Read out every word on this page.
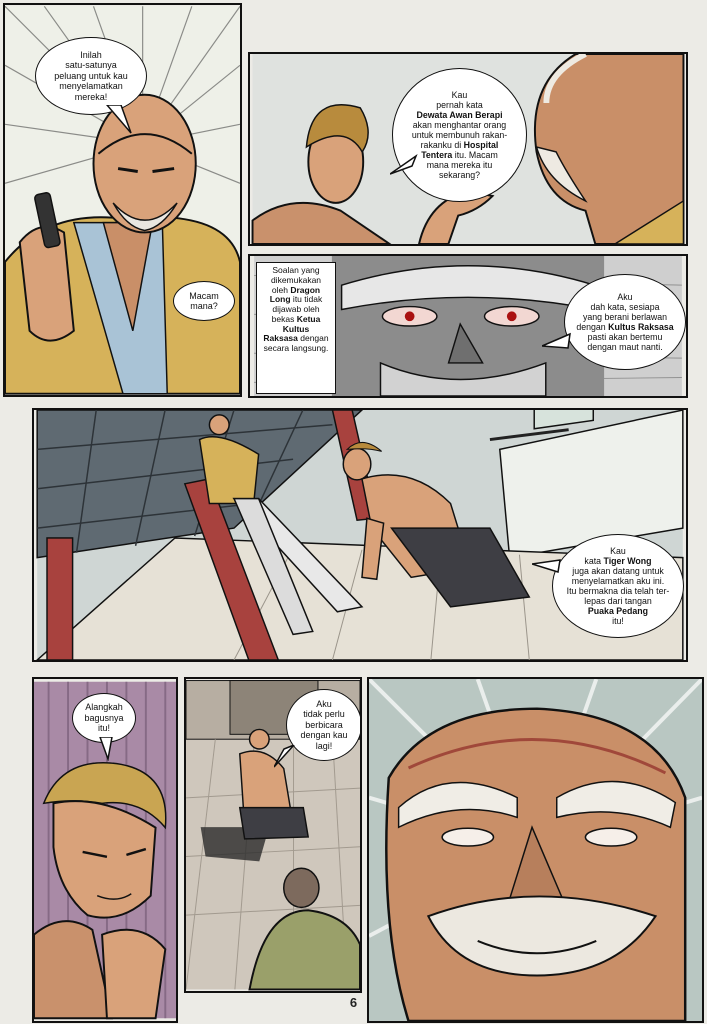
Inilah
satu-satunya
peluang untuk kau
menyelamatkan
mereka!
Macam
mana?
Kau
pernah kata
Dewata Awan Berapi
akan menghantar orang
untuk membunuh rakan-
rakanku di Hospital
Tentera itu. Macam
mana mereka itu
sekarang?
Soalan yang
dikemukakan
oleh Dragon
Long itu tidak
dijawab oleh
bekas Ketua
Kultus
Raksasa dengan
secara langsung.
Aku
dah kata, sesiapa
yang berani berlawan
dengan Kultus Raksasa
pasti akan bertemu
dengan maut nanti.
Kau
kata Tiger Wong
juga akan datang untuk
menyelamatkan aku ini.
Itu bermakna dia telah ter-
lepas dari tangan
Puaka Pedang
itu!
Alangkah
bagusnya
itu!
Aku
tidak perlu
berbicara
dengan kau
lagi!
6
